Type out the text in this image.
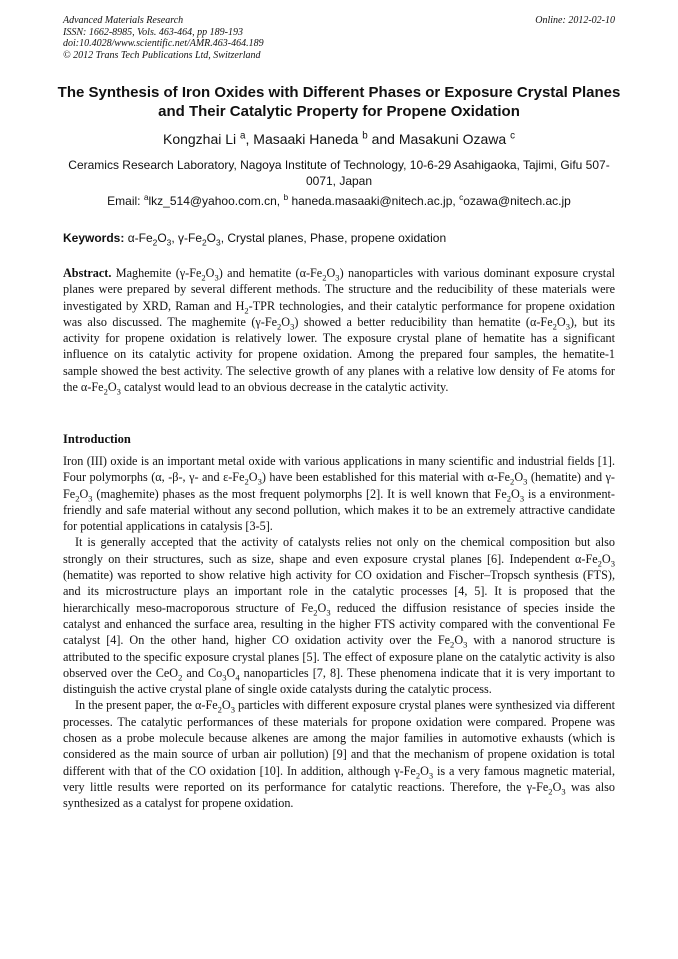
Advanced Materials Research
ISSN: 1662-8985, Vols. 463-464, pp 189-193
doi:10.4028/www.scientific.net/AMR.463-464.189
© 2012 Trans Tech Publications Ltd, Switzerland
Online: 2012-02-10
The Synthesis of Iron Oxides with Different Phases or Exposure Crystal Planes and Their Catalytic Property for Propene Oxidation
Kongzhai Li $^a$, Masaaki Haneda $^b$ and Masakuni Ozawa $^c$
Ceramics Research Laboratory, Nagoya Institute of Technology, 10-6-29 Asahigaoka, Tajimi, Gifu 507-0071, Japan
Email: $^a$lkz_514@yahoo.com.cn, $^b$ haneda.masaaki@nitech.ac.jp, $^c$ozawa@nitech.ac.jp
Keywords: $\alpha-Fe_2O_3$, $\gamma-Fe_2O_3$, Crystal planes, Phase, propene oxidation
Abstract. Maghemite $(\gamma-Fe_2O_3)$ and hematite $(\alpha-Fe_2O_3)$ nanoparticles with various dominant exposure crystal planes were prepared by several different methods. The structure and the reducibility of these materials were investigated by XRD, Raman and $H_2$-TPR technologies, and their catalytic performance for propene oxidation was also discussed. The maghemite $(\gamma-Fe_2O_3)$ showed a better reducibility than hematite $(\alpha-Fe_2O_3)$, but its activity for propene oxidation is relatively lower. The exposure crystal plane of hematite has a significant influence on its catalytic activity for propene oxidation. Among the prepared four samples, the hematite-1 sample showed the best activity. The selective growth of any planes with a relative low density of Fe atoms for the $\alpha-Fe_2O_3$ catalyst would lead to an obvious decrease in the catalytic activity.
Introduction

Iron (III) oxide is an important metal oxide with various applications in many scientific and industrial fields [1]. Four polymorphs (α, -β-, γ- and $\varepsilon-Fe_2O_3$) have been established for this material with $\alpha-Fe_2O_3$ (hematite) and $\gamma-Fe_2O_3$ (maghemite) phases as the most frequent polymorphs [2]. It is well known that $Fe_2O_3$ is a environment-friendly and safe material without any second pollution, which makes it to be an extremely attractive candidate for potential applications in catalysis [3-5].

It is generally accepted that the activity of catalysts relies not only on the chemical composition but also strongly on their structures, such as size, shape and even exposure crystal planes [6]. Independent $\alpha-Fe_2O_3$ (hematite) was reported to show relative high activity for CO oxidation and Fischer–Tropsch synthesis (FTS), and its microstructure plays an important role in the catalytic processes [4, 5]. It is proposed that the hierarchically meso-macroporous structure of $Fe_2O_3$ reduced the diffusion resistance of species inside the catalyst and enhanced the surface area, resulting in the higher FTS activity compared with the conventional Fe catalyst [4]. On the other hand, higher CO oxidation activity over the $Fe_2O_3$ with a nanorod structure is attributed to the specific exposure crystal planes [5]. The effect of exposure plane on the catalytic activity is also observed over the CeO$_2$ and $Co_3O_4$ nanoparticles [7, 8]. These phenomena indicate that it is very important to distinguish the active crystal plane of single oxide catalysts during the catalytic process.

In the present paper, the $\alpha-Fe_2O_3$ particles with different exposure crystal planes were synthesized via different processes. The catalytic performances of these materials for propone oxidation were compared. Propene was chosen as a probe molecule because alkenes are among the major families in automotive exhausts (which is considered as the main source of urban air pollution) [9] and that the mechanism of propene oxidation is total different with that of the CO oxidation [10]. In addition, although $\gamma-Fe_2O_3$ is a very famous magnetic material, very little results were reported on its performance for catalytic reactions. Therefore, the $\gamma-Fe_2O_3$ was also synthesized as a catalyst for propene oxidation.
